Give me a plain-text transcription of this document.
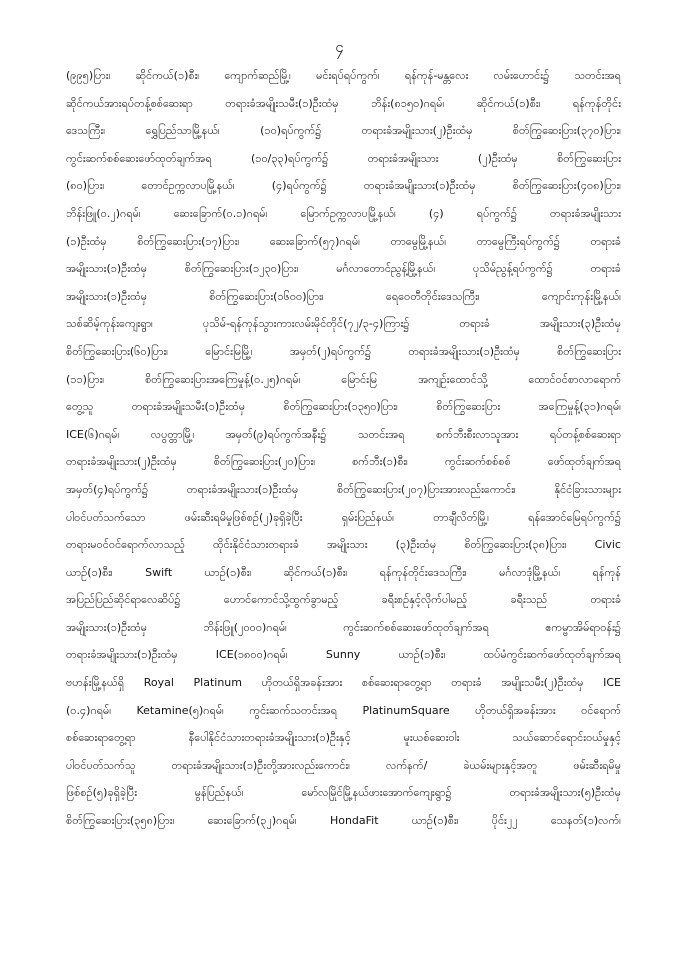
၄
(၉၉၅)ပြား၊ ဆိုင်ကယ်(၁)စီး၊ ကျောက်ဆည်မြို့၊ မင်းရပ်ရပ်ကွက်၊ ရန်ကုန်-မန္တလေး လမ်းဟောင်း၌ သတင်းအရ
ဆိုင်ကယ်အားရပ်တန့်စစ်ဆေးရာ တရားခံအမျိုးသမီး(၁)ဦးထံမှ ဘိန်း(၈၁၅၀)ဂရမ်၊ ဆိုင်ကယ်(၁)စီး၊ ရန်ကုန်တိုင်း
ဒေသကြီး၊ ရွှေပြည်သာမြို့နယ်၊ (၁၀)ရပ်ကွက်၌ တရားခံအမျိုးသား(၂)ဦးထံမှ စိတ်ကြွဆေးပြား(၃၇၀)ပြား၊
ကွင်းဆက်စစ်ဆေးဖော်ထုတ်ချက်အရ (၁၀/၃၃)ရပ်ကွက်၌ တရားခံအမျိုးသား (၂)ဦးထံမှ စိတ်ကြွဆေးပြား
(၈၀)ပြား၊ တောင်ဥက္ကလာပမြို့နယ်၊ (၄)ရပ်ကွက်၌ တရားခံအမျိုးသား(၁)ဦးထံမှ စိတ်ကြွဆေးပြား(၄၀၈)ပြား၊
ဘိန်းဖြူ(၀.၂)ဂရမ်၊ ဆေးခြောက်(၀.၁)ဂရမ်၊ မြောက်ဥက္ကလာပမြို့နယ်၊ (၄) ရပ်ကွက်၌ တရားခံအမျိုးသား
(၁)ဦးထံမှ စိတ်ကြွဆေးပြား(၁၇)ပြား၊ ဆေးခြောက်(၅၇)ဂရမ်၊ တာမွေမြို့နယ်၊ တာမွေကြီးရပ်ကွက်၌ တရားခံ
အမျိုးသား(၁)ဦးထံမှ စိတ်ကြွဆေးပြား(၁၂၃၀)ပြား၊ မင်္ဂလာတောင်ညွန့်မြို့နယ်၊ ပုသိမ်ညွန့်ရပ်ကွက်၌ တရားခံ
အမျိုးသား(၁)ဦးထံမှ စိတ်ကြွဆေးပြား(၁၆၀၀)ပြား၊ ရေဝေတီတိုင်းဒေသကြီး၊ ကျောင်းကုန်းမြို့နယ်၊
သစ်ဆိမ့်ကုန်းကျေးရွာ၊ ပုသိမ်-ရန်ကုန်သွားကားလမ်းမိုင်တိုင်(၇၂/၃-၄)ကြား၌ တရားခံ အမျိုးသား(၃)ဦးထံမှ
စိတ်ကြွဆေးပြား(၆၀)ပြား၊ မြောင်းမြမြို့၊ အမှတ်(၂)ရပ်ကွက်၌ တရားခံအမျိုးသား(၁)ဦးထံမှ စိတ်ကြွဆေးပြား
(၁၁)ပြား၊ စိတ်ကြွဆေးပြားအကြေမှုန့်(၀.၂၅)ဂရမ်၊ မြောင်းမြ အကျဉ်းထောင်သို့ ထောင်ဝင်စာလာရောက်
တွေ့သူ တရားခံအမျိုးသမီး(၁)ဦးထံမှ စိတ်ကြွဆေးပြား(၁၃၅၀)ပြား၊ စိတ်ကြွဆေးပြား အကြေမှုန့်(၃၁)ဂရမ်၊
ICE(၆)ဂရမ်၊ လပွတ္တာမြို့၊ အမှတ်(၉)ရပ်ကွက်အနီး၌ သတင်းအရ စက်ဘီးစီးလာသူအား ရပ်တန့်စစ်ဆေးရာ
တရားခံအမျိုးသား(၂)ဦးထံမှ စိတ်ကြွဆေးပြား(၂၀)ပြား၊ စက်ဘီး(၁)စီး၊ ကွင်းဆက်စစ်စစ် ဖော်ထုတ်ချက်အရ
အမှတ်(၄)ရပ်ကွက်၌ တရားခံအမျိုးသား(၁)ဦးထံမှ စိတ်ကြွဆေးပြား(၂၀၇)ပြားအားလည်းကောင်း၊ နိုင်ငံခြားသားများ
ပါဝင်ပတ်သက်သော ဖမ်းဆီးရမိမှုဖြစ်စဉ်(၂)ခုရှိခဲ့ပြီး ရှမ်းပြည်နယ်၊ တာချီလိတ်မြို့၊ ရန်အောင်မြေရပ်ကွက်၌
တရားမဝင်ဝင်ရောက်လာသည့် ထိုင်းနိုင်ငံသားတရားခံ အမျိုးသား (၃)ဦးထံမှ စိတ်ကြွဆေးပြား(၃၈)ပြား၊ Civic
ယာဉ်(၁)စီး၊ Swift ယာဉ်(၁)စီး၊ ဆိုင်ကယ်(၁)စီး၊ ရန်ကုန်တိုင်းဒေသကြီး၊ မင်္ဂလာဒုံမြို့နယ်၊ ရန်ကုန်
အပြည်ပြည်ဆိုင်ရာလေဆိပ်၌ ဟောင်ကောင်သို့ထွက်ခွာမည့် ခရီးစဉ်နှင့်လိုက်ပါမည့် ခရီးသည် တရားခံ
အမျိုးသား(၁)ဦးထံမှ ဘိန်းဖြူ(၂၀၀၀)ဂရမ်၊ ကွင်းဆက်စစ်ဆေးဖော်ထုတ်ချက်အရ ဧကမ္ဗာအိမ်ရာဝန်း၌
တရားခံအမျိုးသား(၁)ဦးထံမှ ICE(၁၈၀၀)ဂရမ်၊ Sunny ယာဉ်(၁)စီး၊ ထပ်မံကွင်းဆက်ဖော်ထုတ်ချက်အရ
ဗဟန်းမြို့နယ်ရှိ Royal Platinum ဟိုတယ်ရှိအခန်းအား စစ်ဆေးရာတွေ့ရာ တရားခံ အမျိုးသမီး(၂)ဦးထံမှ ICE
(၀.၄)ဂရမ်၊ Ketamine(၅)ဂရမ်၊ ကွင်းဆက်သတင်းအရ PlatinumSquare ဟိုတယ်ရှိအခန်းအား ဝင်ရောက်
စစ်ဆေးရာတွေ့ရာ နီပေါနိုင်ငံသားတရားခံအမျိုးသား(၁)ဦးနှင့် မူးယစ်ဆေးဝါး သယ်ဆောင်ရောင်းဝယ်မှုနှင့်
ပါဝင်ပတ်သက်သူ တရားခံအမျိုးသား(၁)ဦးတို့အားလည်းကောင်း၊ လက်နက်/ ခဲယမ်းများနှင့်အတူ ဖမ်းဆီးရမိမှု
ဖြစ်စဉ်(၅)ခုရှိခဲ့ပြီး မွန်ပြည်နယ်၊ မော်လမြိုင်မြို့နယ်ဖားအောက်ကျေးရွာ၌ တရားခံအမျိုးသား(၅)ဦးထံမှ
စိတ်ကြွဆေးပြား(၃၅၈)ပြား၊ ဆေးခြောက်(၃၂)ဂရမ်၊ HondaFit ယာဉ်(၁)စီး၊ ပိုင်း၂၂ သေနတ်(၁)လက်၊
